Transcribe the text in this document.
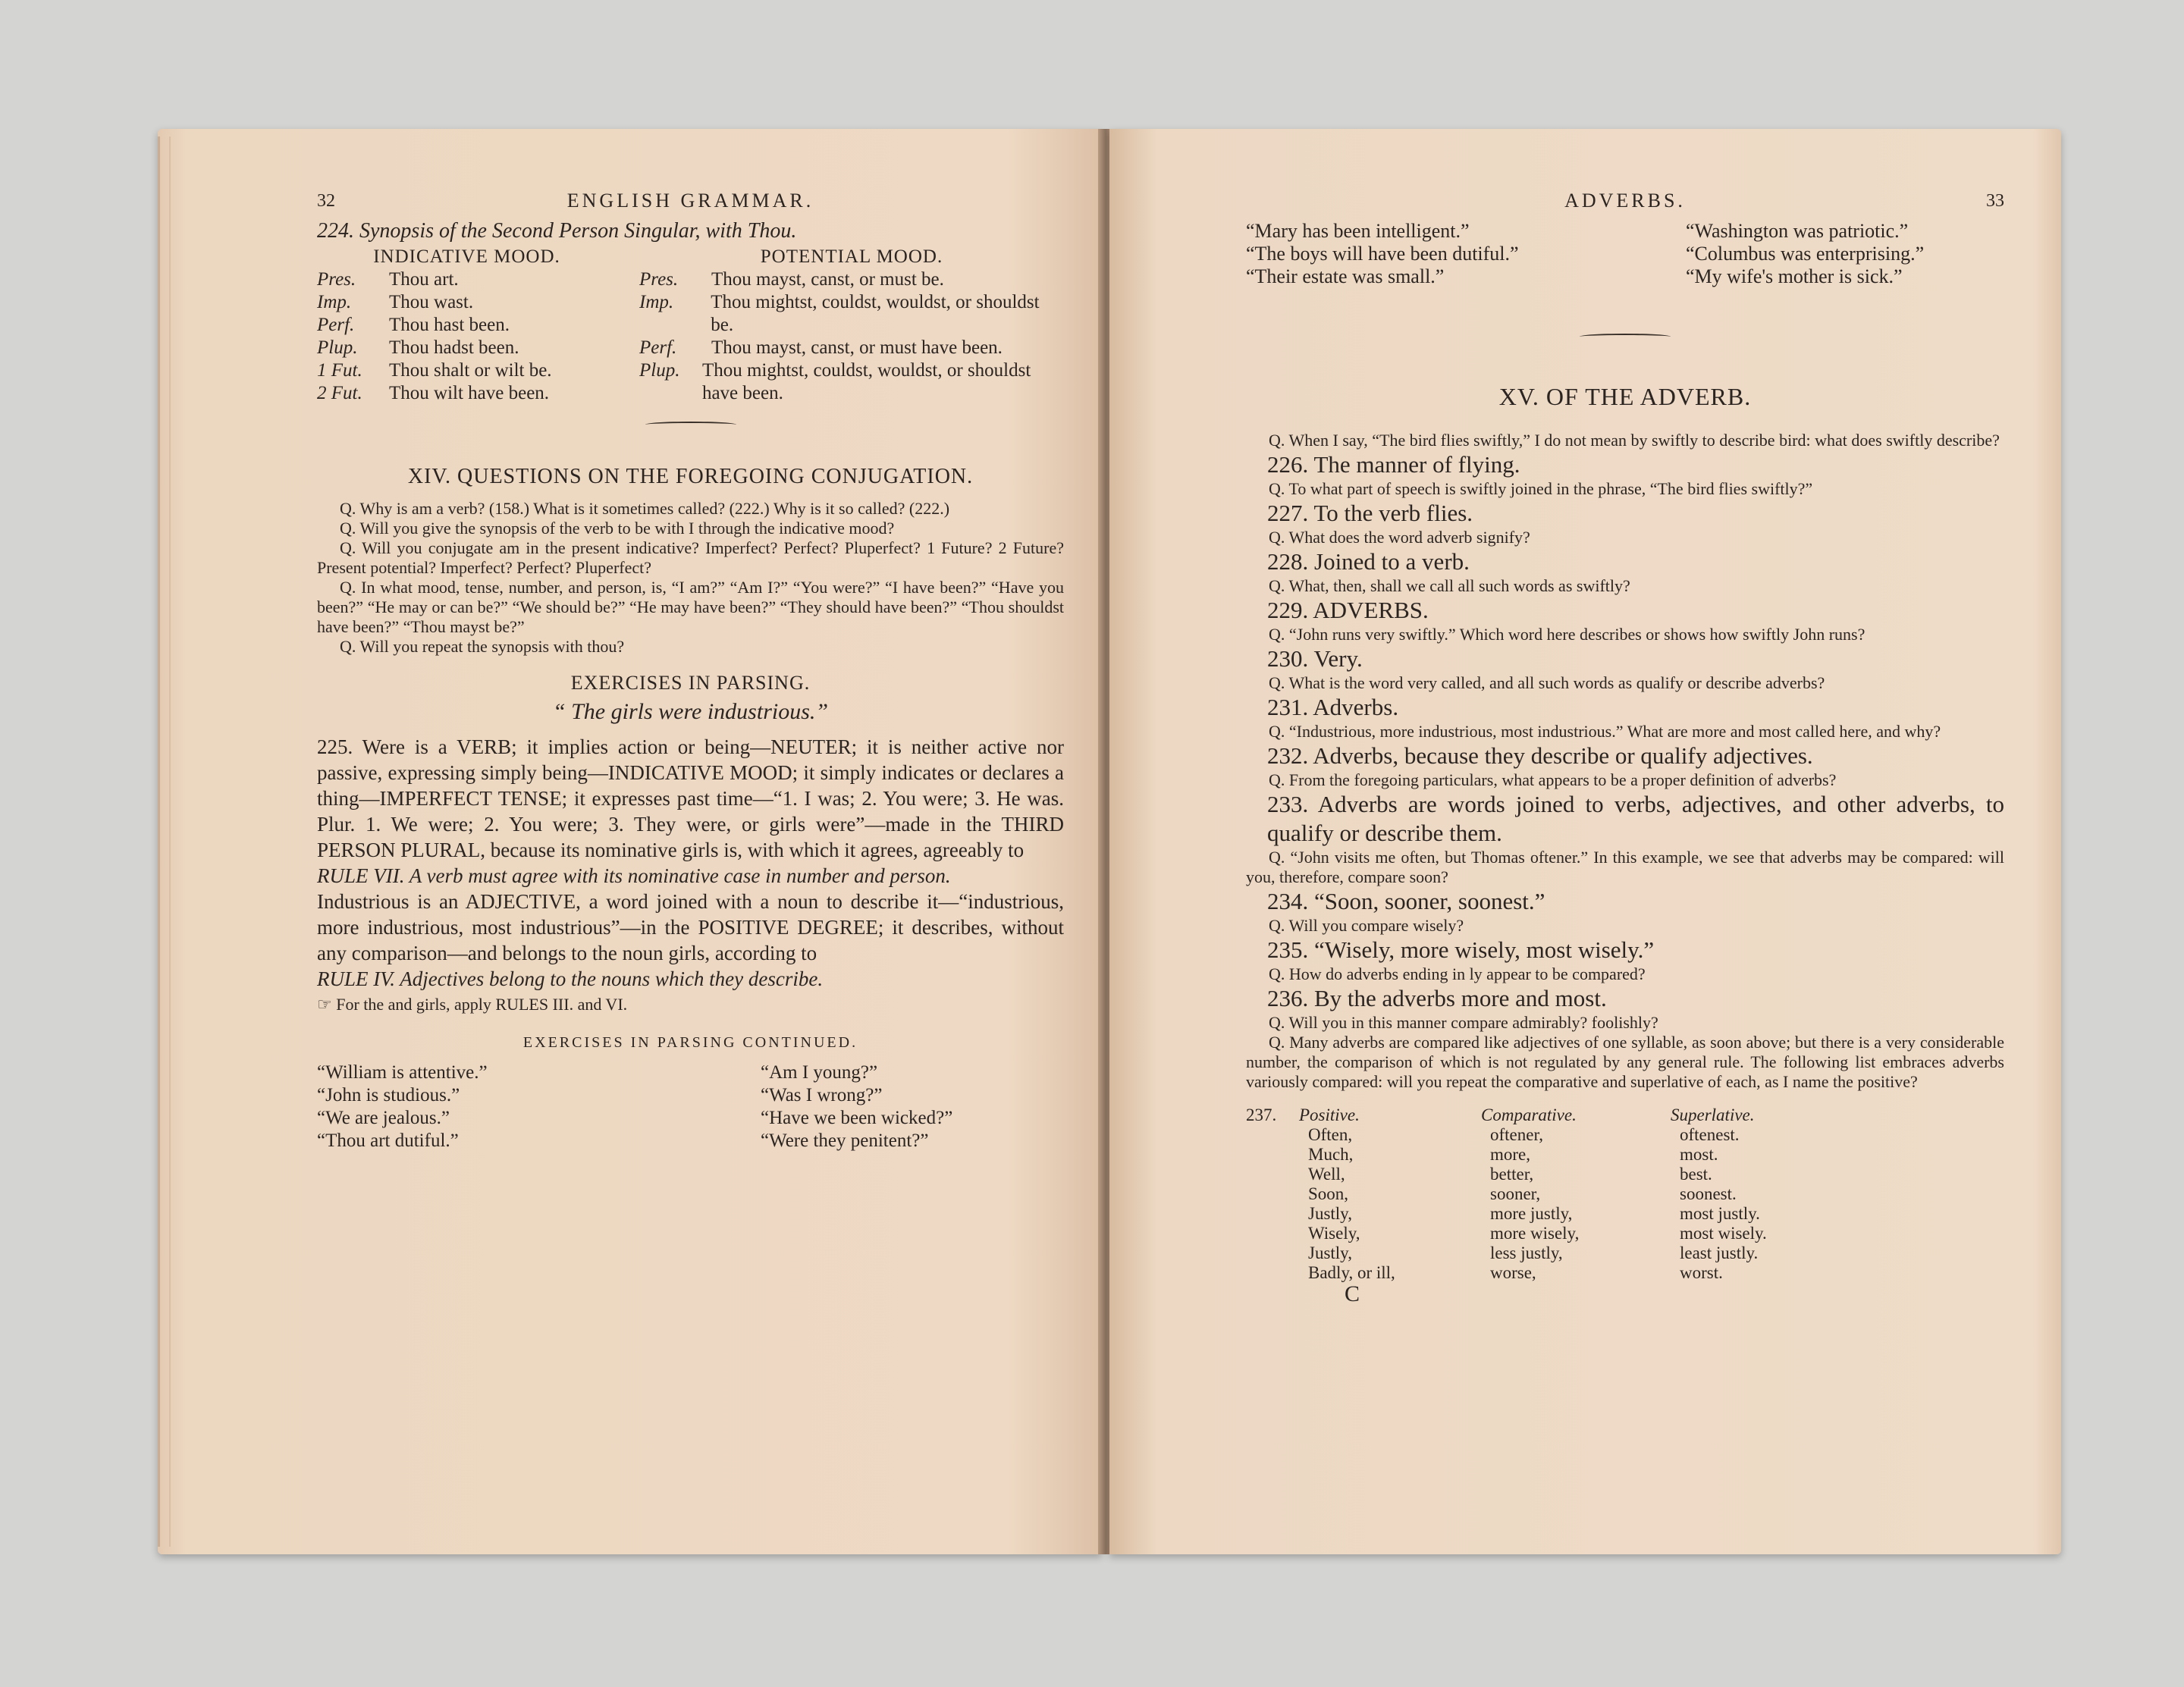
32	ENGLISH GRAMMAR.
224. Synopsis of the Second Person Singular, with Thou.
INDICATIVE MOOD.
Pres.	Thou art.
Imp.	Thou wast.
Perf.	Thou hast been.
Plup.	Thou hadst been.
1 Fut.	Thou shalt or wilt be.
2 Fut.	Thou wilt have been.
POTENTIAL MOOD.
Pres.	Thou mayst, canst, or must be.
Imp.	Thou mightst, couldst, wouldst, or shouldst be.
Perf.	Thou mayst, canst, or must have been.
Plup.	Thou mightst, couldst, wouldst, or shouldst have been.
XIV. QUESTIONS ON THE FOREGOING CONJUGATION.
Q. Why is am a verb? (158.) What is it sometimes called? (222.) Why is it so called? (222.)
Q. Will you give the synopsis of the verb to be with I through the indicative mood?
Q. Will you conjugate am in the present indicative? Imperfect? Perfect? Pluperfect? 1 Future? 2 Future? Present potential? Imperfect? Perfect? Pluperfect?
Q. In what mood, tense, number, and person, is, “I am?” “Am I?” “You were?” “I have been?” “Have you been?” “He may or can be?” “We should be?” “He may have been?” “They should have been?” “Thou shouldst have been?” “Thou mayst be?”
Q. Will you repeat the synopsis with thou?
EXERCISES IN PARSING.
“ The girls were industrious.”
225. Were is a VERB; it implies action or being—NEUTER; it is neither active nor passive, expressing simply being—INDICATIVE MOOD; it simply indicates or declares a thing—IMPERFECT TENSE; it expresses past time—“1. I was; 2. You were; 3. He was. Plur. 1. We were; 2. You were; 3. They were, or girls were”—made in the THIRD PERSON PLURAL, because its nominative girls is, with which it agrees, agreeably to
RULE VII. A verb must agree with its nominative case in number and person.
Industrious is an ADJECTIVE, a word joined with a noun to describe it—“industrious, more industrious, most industrious”—in the POSITIVE DEGREE; it describes, without any comparison—and belongs to the noun girls, according to
RULE IV. Adjectives belong to the nouns which they describe.
☞ For the and girls, apply RULES III. and VI.
EXERCISES IN PARSING CONTINUED.
“William is attentive.”
“John is studious.”
“We are jealous.”
“Thou art dutiful.”
“Am I young?”
“Was I wrong?”
“Have we been wicked?”
“Were they penitent?”
ADVERBS.	33
“Mary has been intelligent.”
“The boys will have been dutiful.”
“Their estate was small.”
“Washington was patriotic.”
“Columbus was enterprising.”
“My wife's mother is sick.”
XV. OF THE ADVERB.
Q. When I say, “The bird flies swiftly,” I do not mean by swiftly to describe bird: what does swiftly describe?
226. The manner of flying.
Q. To what part of speech is swiftly joined in the phrase, “The bird flies swiftly?”
227. To the verb flies.
Q. What does the word adverb signify?
228. Joined to a verb.
Q. What, then, shall we call all such words as swiftly?
229. ADVERBS.
Q. “John runs very swiftly.” Which word here describes or shows how swiftly John runs?
230. Very.
Q. What is the word very called, and all such words as qualify or describe adverbs?
231. Adverbs.
Q. “Industrious, more industrious, most industrious.” What are more and most called here, and why?
232. Adverbs, because they describe or qualify adjectives.
Q. From the foregoing particulars, what appears to be a proper definition of adverbs?
233. Adverbs are words joined to verbs, adjectives, and other adverbs, to qualify or describe them.
Q. “John visits me often, but Thomas oftener.” In this example, we see that adverbs may be compared: will you, therefore, compare soon?
234. “Soon, sooner, soonest.”
Q. Will you compare wisely?
235. “Wisely, more wisely, most wisely.”
Q. How do adverbs ending in ly appear to be compared?
236. By the adverbs more and most.
Q. Will you in this manner compare admirably? foolishly?
Q. Many adverbs are compared like adjectives of one syllable, as soon above; but there is a very considerable number, the comparison of which is not regulated by any general rule. The following list embraces adverbs variously compared: will you repeat the comparative and superlative of each, as I name the positive?
237.	Positive.	Comparative.	Superlative.
Often,	oftener,	oftenest.
Much,	more,	most.
Well,	better,	best.
Soon,	sooner,	soonest.
Justly,	more justly,	most justly.
Wisely,	more wisely,	most wisely.
Justly,	less justly,	least justly.
Badly, or ill,	worse,	worst.
C
